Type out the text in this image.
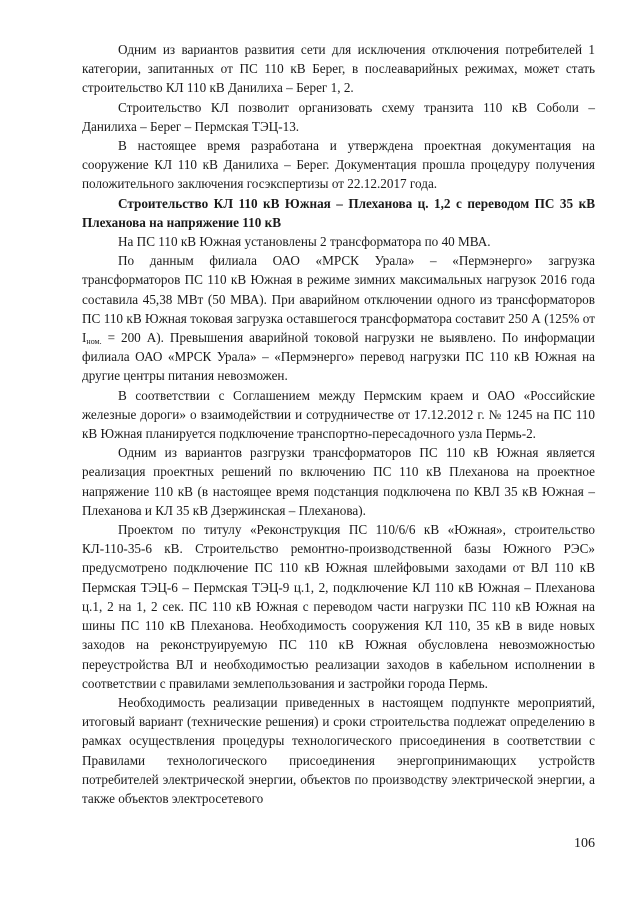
Одним из вариантов развития сети для исключения отключения потребителей 1 категории, запитанных от ПС 110 кВ Берег, в послеаварийных режимах, может стать строительство КЛ 110 кВ Данилиха – Берег 1, 2.

Строительство КЛ позволит организовать схему транзита 110 кВ Соболи – Данилиха – Берег – Пермская ТЭЦ-13.

В настоящее время разработана и утверждена проектная документация на сооружение КЛ 110 кВ Данилиха – Берег. Документация прошла процедуру получения положительного заключения госэкспертизы от 22.12.2017 года.

Строительство КЛ 110 кВ Южная – Плеханова ц. 1,2 с переводом ПС 35 кВ Плеханова на напряжение 110 кВ

На ПС 110 кВ Южная установлены 2 трансформатора по 40 МВА.

По данным филиала ОАО «МРСК Урала» – «Пермэнерго» загрузка трансформаторов ПС 110 кВ Южная в режиме зимних максимальных нагрузок 2016 года составила 45,38 МВт (50 МВА). При аварийном отключении одного из трансформаторов ПС 110 кВ Южная токовая загрузка оставшегося трансформатора составит 250 А (125% от $I_{ном.} = 200$ А). Превышения аварийной токовой нагрузки не выявлено. По информации филиала ОАО «МРСК Урала» – «Пермэнерго» перевод нагрузки ПС 110 кВ Южная на другие центры питания невозможен.

В соответствии с Соглашением между Пермским краем и ОАО «Российские железные дороги» о взаимодействии и сотрудничестве от 17.12.2012 г. № 1245 на ПС 110 кВ Южная планируется подключение транспортно-пересадочного узла Пермь-2.

Одним из вариантов разгрузки трансформаторов ПС 110 кВ Южная является реализация проектных решений по включению ПС 110 кВ Плеханова на проектное напряжение 110 кВ (в настоящее время подстанция подключена по КВЛ 35 кВ Южная – Плеханова и КЛ 35 кВ Дзержинская – Плеханова).

Проектом по титулу «Реконструкция ПС 110/6/6 кВ «Южная», строительство КЛ-110-35-6 кВ. Строительство ремонтно-производственной базы Южного РЭС» предусмотрено подключение ПС 110 кВ Южная шлейфовыми заходами от ВЛ 110 кВ Пермская ТЭЦ-6 – Пермская ТЭЦ-9 ц.1, 2, подключение КЛ 110 кВ Южная – Плеханова ц.1, 2 на 1, 2 сек. ПС 110 кВ Южная с переводом части нагрузки ПС 110 кВ Южная на шины ПС 110 кВ Плеханова. Необходимость сооружения КЛ 110, 35 кВ в виде новых заходов на реконструируемую ПС 110 кВ Южная обусловлена невозможностью переустройства ВЛ и необходимостью реализации заходов в кабельном исполнении в соответствии с правилами землепользования и застройки города Пермь.

Необходимость реализации приведенных в настоящем подпункте мероприятий, итоговый вариант (технические решения) и сроки строительства подлежат определению в рамках осуществления процедуры технологического присоединения в соответствии с Правилами технологического присоединения энергопринимающих устройств потребителей электрической энергии, объектов по производству электрической энергии, а также объектов электросетевого

106
